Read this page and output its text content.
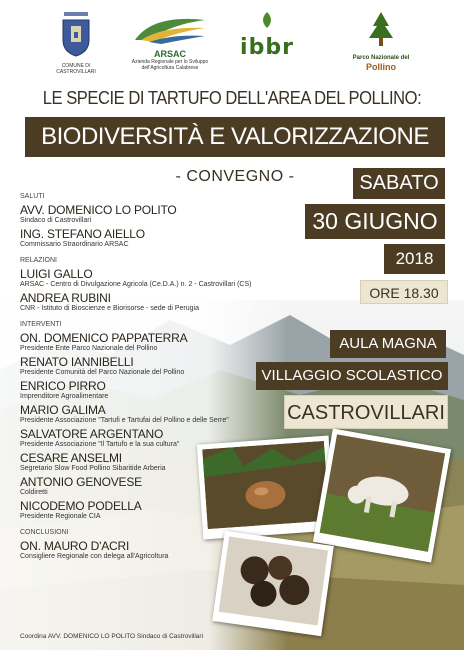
COMUNE DI CASTROVILLARI
ARSAC
Azienda Regionale per lo Sviluppo dell'Agricoltura Calabrese
ibbr	Parco Nazionale del
Pollino
LE SPECIE DI TARTUFO DELL'AREA DEL POLLINO:
BIODIVERSITÀ E VALORIZZAZIONE
- CONVEGNO -	SABATO
30 GIUGNO
2018
ORE 18.30
AULA MAGNA
VILLAGGIO SCOLASTICO
CASTROVILLARI
SALUTI
AVV. DOMENICO LO POLITO
Sindaco di Castrovillari
ING. STEFANO AIELLO
Commissario Straordinario ARSAC
RELAZIONI
LUIGI GALLO
ARSAC - Centro di Divulgazione Agricola (Ce.D.A.) n. 2 - Castrovillari (CS)
ANDREA RUBINI
CNR - Istituto di Bioscienze e Biorisorse - sede di Perugia
INTERVENTI
ON. DOMENICO PAPPATERRA
Presidente Ente Parco Nazionale del Pollino
RENATO IANNIBELLI
Presidente Comunità del Parco Nazionale del Pollino
ENRICO PIRRO
Imprenditore Agroalimentare
MARIO GALIMA
Presidente Associazione "Tartufi e Tartufai del Pollino e delle Serre"
SALVATORE ARGENTANO
Presidente Associazione "Il Tartufo e la sua cultura"
CESARE ANSELMI
Segretario Slow Food Pollino Sibaritide Arberia
ANTONIO GENOVESE
Coldiretti
NICODEMO PODELLA
Presidente Regionale CIA
CONCLUSIONI
ON. MAURO D'ACRI
Consigliere Regionale con delega all'Agricoltura
Coordina AVV. DOMENICO LO POLITO Sindaco di Castrovillari
